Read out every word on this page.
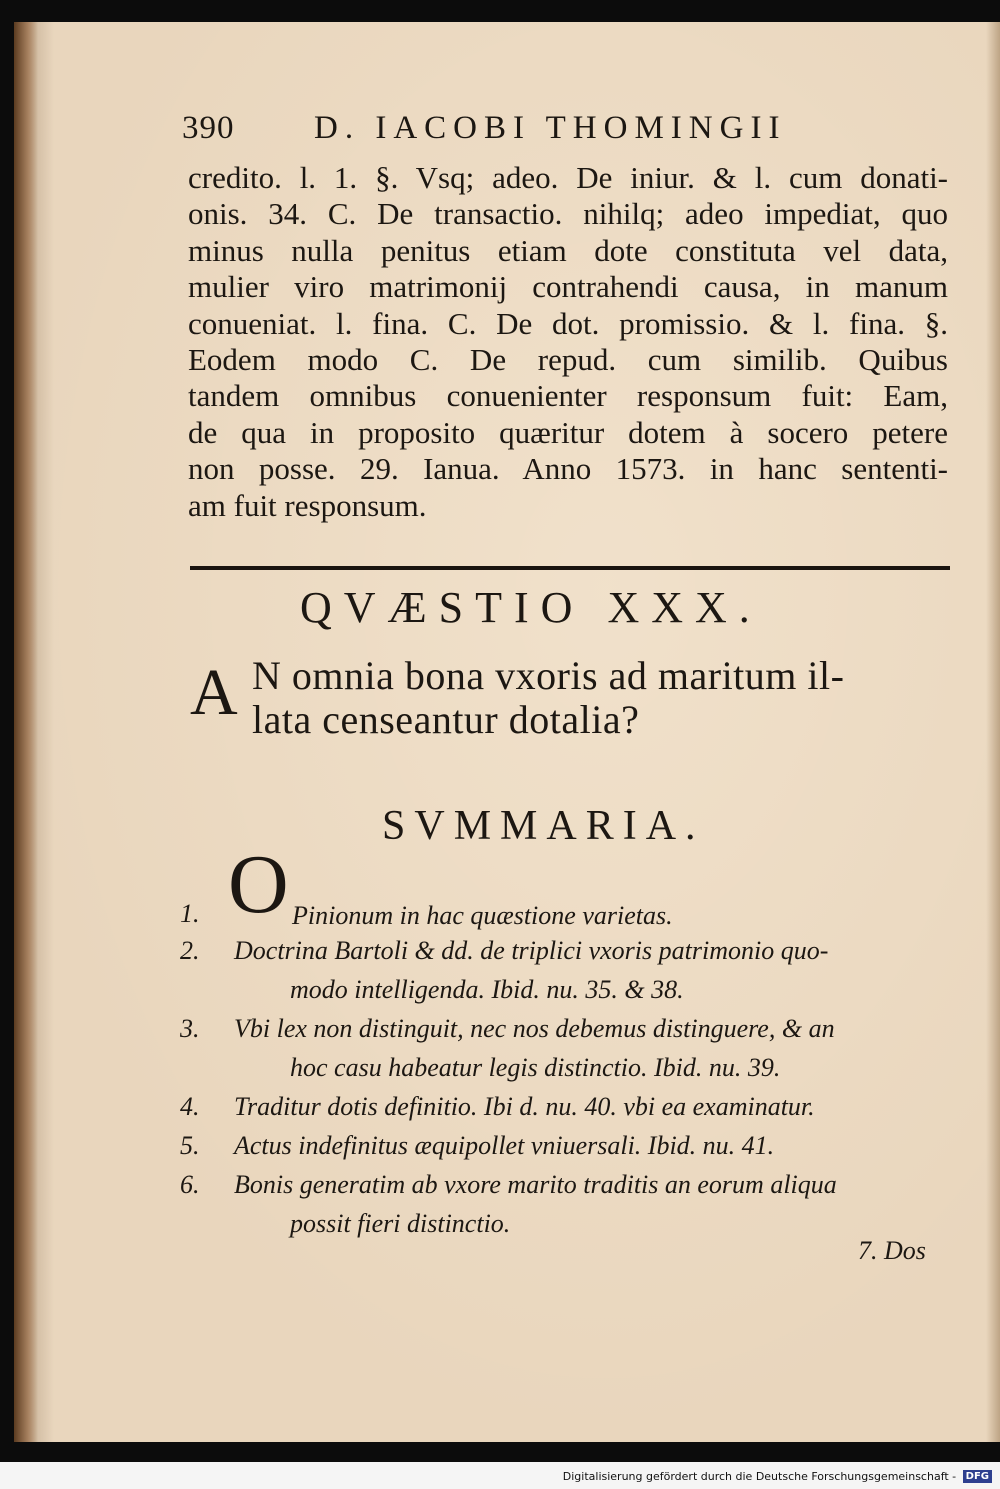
390 D. IACOBI THOMINGII
credito. l. 1. §. Vsq; adeo. De iniur. & l. cum donati-
onis. 34. C. De transactio. nihilq; adeo impediat, quo
minus nulla penitus etiam dote constituta vel data,
mulier viro matrimonij contrahendi causa, in manum
conueniat. l. fina. C. De dot. promissio. & l. fina. §.
Eodem modo C. De repud. cum similib. Quibus
tandem omnibus conuenienter responsum fuit: Eam,
de qua in proposito quæritur dotem à socero petere
non posse. 29. Ianua. Anno 1573. in hanc sententi-
am fuit responsum.
QVÆSTIO XXX.
A N omnia bona vxoris ad maritum il-
lata censeantur dotalia?
SVMMARIA.
1. O Pinionum in hac quæstione varietas.
2.	Doctrina Bartoli & dd. de triplici vxoris patrimonio quo-
modo intelligenda. Ibid. nu. 35. & 38.
3.	Vbi lex non distinguit, nec nos debemus distinguere, & an
hoc casu habeatur legis distinctio. Ibid. nu. 39.
4.	Traditur dotis definitio. Ibi d. nu. 40. vbi ea examinatur.
5.	Actus indefinitus æquipollet vniuersali. Ibid. nu. 41.
6.	Bonis generatim ab vxore marito traditis an eorum aliqua
possit fieri distinctio.
7. Dos
Digitalisierung gefördert durch die Deutsche Forschungsgemeinschaft - DFG
